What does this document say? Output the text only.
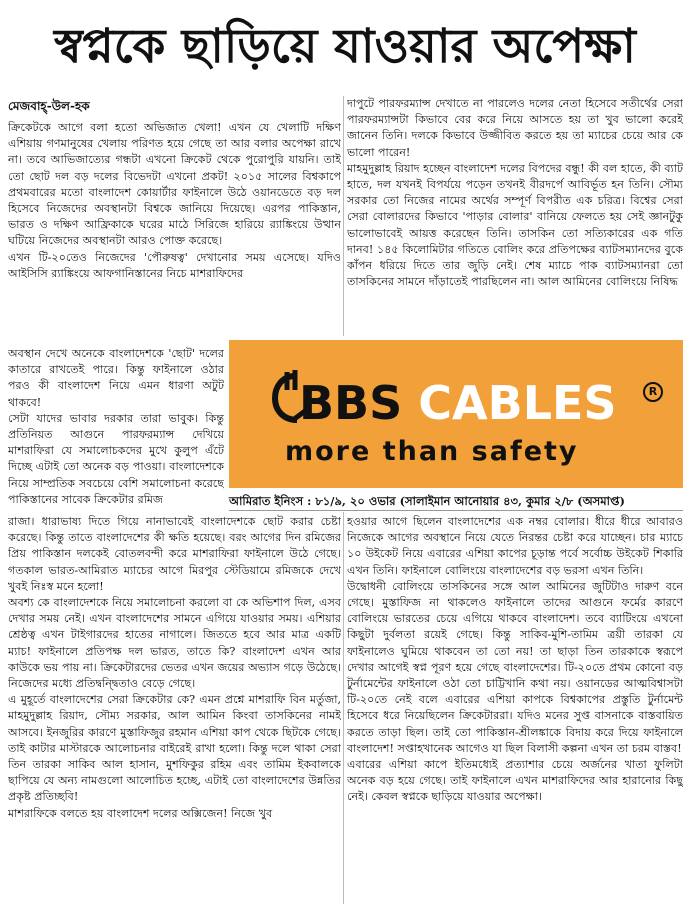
স্বপ্নকে ছাড়িয়ে যাওয়ার অপেক্ষা
মেজবাহ্-উল-হক

ক্রিকেটকে আগে বলা হতো অভিজাত খেলা! এখন যে খেলাটি দক্ষিণ এশিয়ায় গণমানুষের খেলায় পরিণত হয়ে গেছে তা আর বলার অপেক্ষা রাখে না। তবে আভিজাত্যের গন্ধটা এখনো ক্রিকেট থেকে পুরোপুরি যায়নি। তাই তো ছোট দল বড় দলের বিভেদটা এখনো প্রকট! ২০১৫ সালের বিশ্বকাপে প্রথমবারের মতো বাংলাদেশ কোয়ার্টার ফাইনালে উঠে ওয়ানডেতে বড় দল হিসেবে নিজেদের অবস্থানটা বিশ্বকে জানিয়ে দিয়েছে। এরপর পাকিস্তান, ভারত ও দক্ষিণ আফ্রিকাকে ঘরের মাঠে সিরিজে হারিয়ে র‌্যাঙ্কিংয়ে উত্থান ঘটিয়ে নিজেদের অবস্থানটা আরও পোক্ত করেছে।

এখন টি-২০তেও নিজেদের 'পৌরুষত্ব' দেখানোর সময় এসেছে। যদিও আইসিসি র‌্যাঙ্কিংয়ে আফগানিস্তানের নিচে মাশরাফিদের

দাপুটে পারফরম্যান্স দেখাতে না পারলেও দলের নেতা হিসেবে সতীর্থের সেরা পারফরম্যান্সটা কিভাবে বের করে নিয়ে আসতে হয় তা খুব ভালো করেই জানেন তিনি। দলকে কিভাবে উজ্জীবিত করতে হয় তা ম্যাচের চেয়ে আর কে ভালো পারেন!

মাহমুদুল্লাহ রিয়াদ হচ্ছেন বাংলাদেশ দলের বিপদের বন্ধু! কী বল হাতে, কী ব্যাট হাতে, দল যখনই বিপর্যয়ে পড়েন তখনই বীরদর্পে আবির্ভূত হন তিনি। সৌম্য সরকার তো নিজের নামের অর্থের সম্পূর্ণ বিপরীত এক চরিত্র। বিশ্বের সেরা সেরা বোলারদের কিভাবে 'পাড়ার বোলার' বানিয়ে ফেলতে হয় সেই জ্ঞানটুকু ভালোভাবেই আয়ত্ত করেছেন তিনি। তাসকিন তো সত্যিকারের এক গতি দানব! ১৪৫ কিলোমিটার গতিতে বোলিং করে প্রতিপক্ষের ব্যাটসম্যানদের বুকে কাঁপন ধরিয়ে দিতে তার জুড়ি নেই। শেষ ম্যাচে পাক ব্যাটসম্যানরা তো তাসকিনের সামনে দাঁড়াতেই পারছিলেন না। আল আমিনের বোলিংয়ে নিষিদ্ধ

অবস্থান দেখে অনেকে বাংলাদেশকে 'ছোট' দলের কাতারে রাখতেই পারে। কিন্তু ফাইনালে ওঠার পরও কী বাংলাদেশ নিয়ে এমন ধারণা অটুট থাকবে!

সেটা যাদের ভাবার দরকার তারা ভাবুক। কিন্তু প্রতিনিয়ত আগুনে পারফরম্যান্স দেখিয়ে মাশরাফিরা যে সমালোচকদের মুখে কুলুপ এঁটে দিচ্ছে এটাই তো অনেক বড় পাওয়া। বাংলাদেশকে নিয়ে সাম্প্রতিক সবচেয়ে বেশি সমালোচনা করেছে পাকিস্তানের সাবেক ক্রিকেটার রমিজ

BBS CABLES	R
more than safety
আমিরাত ইনিংস : ৮১/৯, ২০ ওভার (সালাইমান আনোয়ার ৪৩, কুমার ২/৮ (অসমাপ্ত)

রাজা। ধারাভাষ্য দিতে গিয়ে নানাভাবেই বাংলাদেশকে ছোট করার চেষ্টা করেছে। কিন্তু তাতে বাংলাদেশের কী ক্ষতি হয়েছে। বরং আগের দিন রমিজের প্রিয় পাকিস্তান দলকেই বোতলবন্দী করে মাশরাফিরা ফাইনালে উঠে গেছে। গতকাল ভারত-আমিরাত ম্যাচের আগে মিরপুর স্টেডিয়ামে রমিজকে দেখে খুবই নিঃস্ব মনে হলো!

অবশ্য কে বাংলাদেশকে নিয়ে সমালোচনা করলো বা কে অভিশাপ দিল, এসব দেখার সময় নেই। এখন বাংলাদেশের সামনে এগিয়ে যাওয়ার সময়। এশিয়ার শ্রেষ্ঠত্ব এখন টাইগারদের হাতের নাগালে। জিততে হবে আর মাত্র একটি ম্যাচ! ফাইনালে প্রতিপক্ষ দল ভারত, তাতে কি? বাংলাদেশ এখন আর কাউকে ভয় পায় না। ক্রিকেটারদের ভেতর এখন জয়ের অভ্যাস গড়ে উঠেছে। নিজেদের মধ্যে প্রতিদ্বন্দ্বিতাও বেড়ে গেছে।

এ মুহূর্তে বাংলাদেশের সেরা ক্রিকেটার কে? এমন প্রশ্নে মাশরাফি বিন মর্তুজা, মাহমুদুল্লাহ রিয়াদ, সৌম্য সরকার, আল আমিন কিংবা তাসকিনের নামই আসবে। ইনজুরির কারণে মুস্তাফিজুর রহমান এশিয়া কাপ থেকে ছিটকে গেছে। তাই কাটার মাস্টারকে আলোচনার বাইরেই রাখা হলো। কিন্তু দলে থাকা সেরা তিন তারকা সাকিব আল হাসান, মুশফিকুর রহিম এবং তামিম ইকবালকে ছাপিয়ে যে অন্য নামগুলো আলোচিত হচ্ছে, এটাই তো বাংলাদেশের উন্নতির প্রকৃষ্ট প্রতিচ্ছবি!

মাশরাফিকে বলতে হয় বাংলাদেশ দলের অক্সিজেন! নিজে খুব

হওয়ার আগে ছিলেন বাংলাদেশের এক নম্বর বোলার। ধীরে ধীরে আবারও নিজেকে আগের অবস্থানে নিয়ে যেতে নিরন্তর চেষ্টা করে যাচ্ছেন। চার ম্যাচে ১০ উইকেট নিয়ে এবারের এশিয়া কাপের চূড়ান্ত পর্বে সর্বোচ্চ উইকেট শিকারি এখন তিনি। ফাইনালে বোলিংয়ে বাংলাদেশের বড় ভরসা এখন তিনি।

উদ্বোধনী বোলিংয়ে তাসকিনের সঙ্গে আল আমিনের জুটিটাও দারুণ বনে গেছে। মুস্তাফিজ না থাকলেও ফাইনালে তাদের আগুনে ফর্মের কারণে বোলিংয়ে ভারতের চেয়ে এগিয়ে থাকবে বাংলাদেশ। তবে ব্যাটিংয়ে এখনো কিছুটা দুর্বলতা রয়েই গেছে। কিন্তু সাকিব-মুশি-তামিম ত্রয়ী তারকা যে ফাইনালেও ঘুমিয়ে থাকবেন তা তো নয়! তা ছাড়া তিন তারকাকে স্বরূপে দেখার আগেই স্বপ্ন পূরণ হয়ে গেছে বাংলাদেশের। টি-২০তে প্রথম কোনো বড় টুর্নামেন্টের ফাইনালে ওঠা তো চাট্টিখানি কথা নয়। ওয়ানডের আত্মবিশ্বাসটা টি-২০তে নেই বলে এবারের এশিয়া কাপকে বিশ্বকাপের প্রস্তুতি টুর্নামেন্ট হিসেবে ধরে নিয়েছিলেন ক্রিকেটাররা। যদিও মনের সুপ্ত বাসনাকে বাস্তবায়িত করতে তাড়া ছিল। তাই তো পাকিস্তান-শ্রীলঙ্কাকে বিদায় করে দিয়ে ফাইনালে বাংলাদেশ! সপ্তাহখানেক আগেও যা ছিল বিলাসী কল্পনা এখন তা চরম বাস্তব!

এবারের এশিয়া কাপে ইতিমধ্যেই প্রত্যাশার চেয়ে অর্জনের খাতা ফুলিটা অনেক বড় হয়ে গেছে। তাই ফাইনালে এখন মাশরাফিদের আর হারানোর কিছু নেই। কেবল স্বপ্নকে ছাড়িয়ে যাওয়ার অপেক্ষা।
